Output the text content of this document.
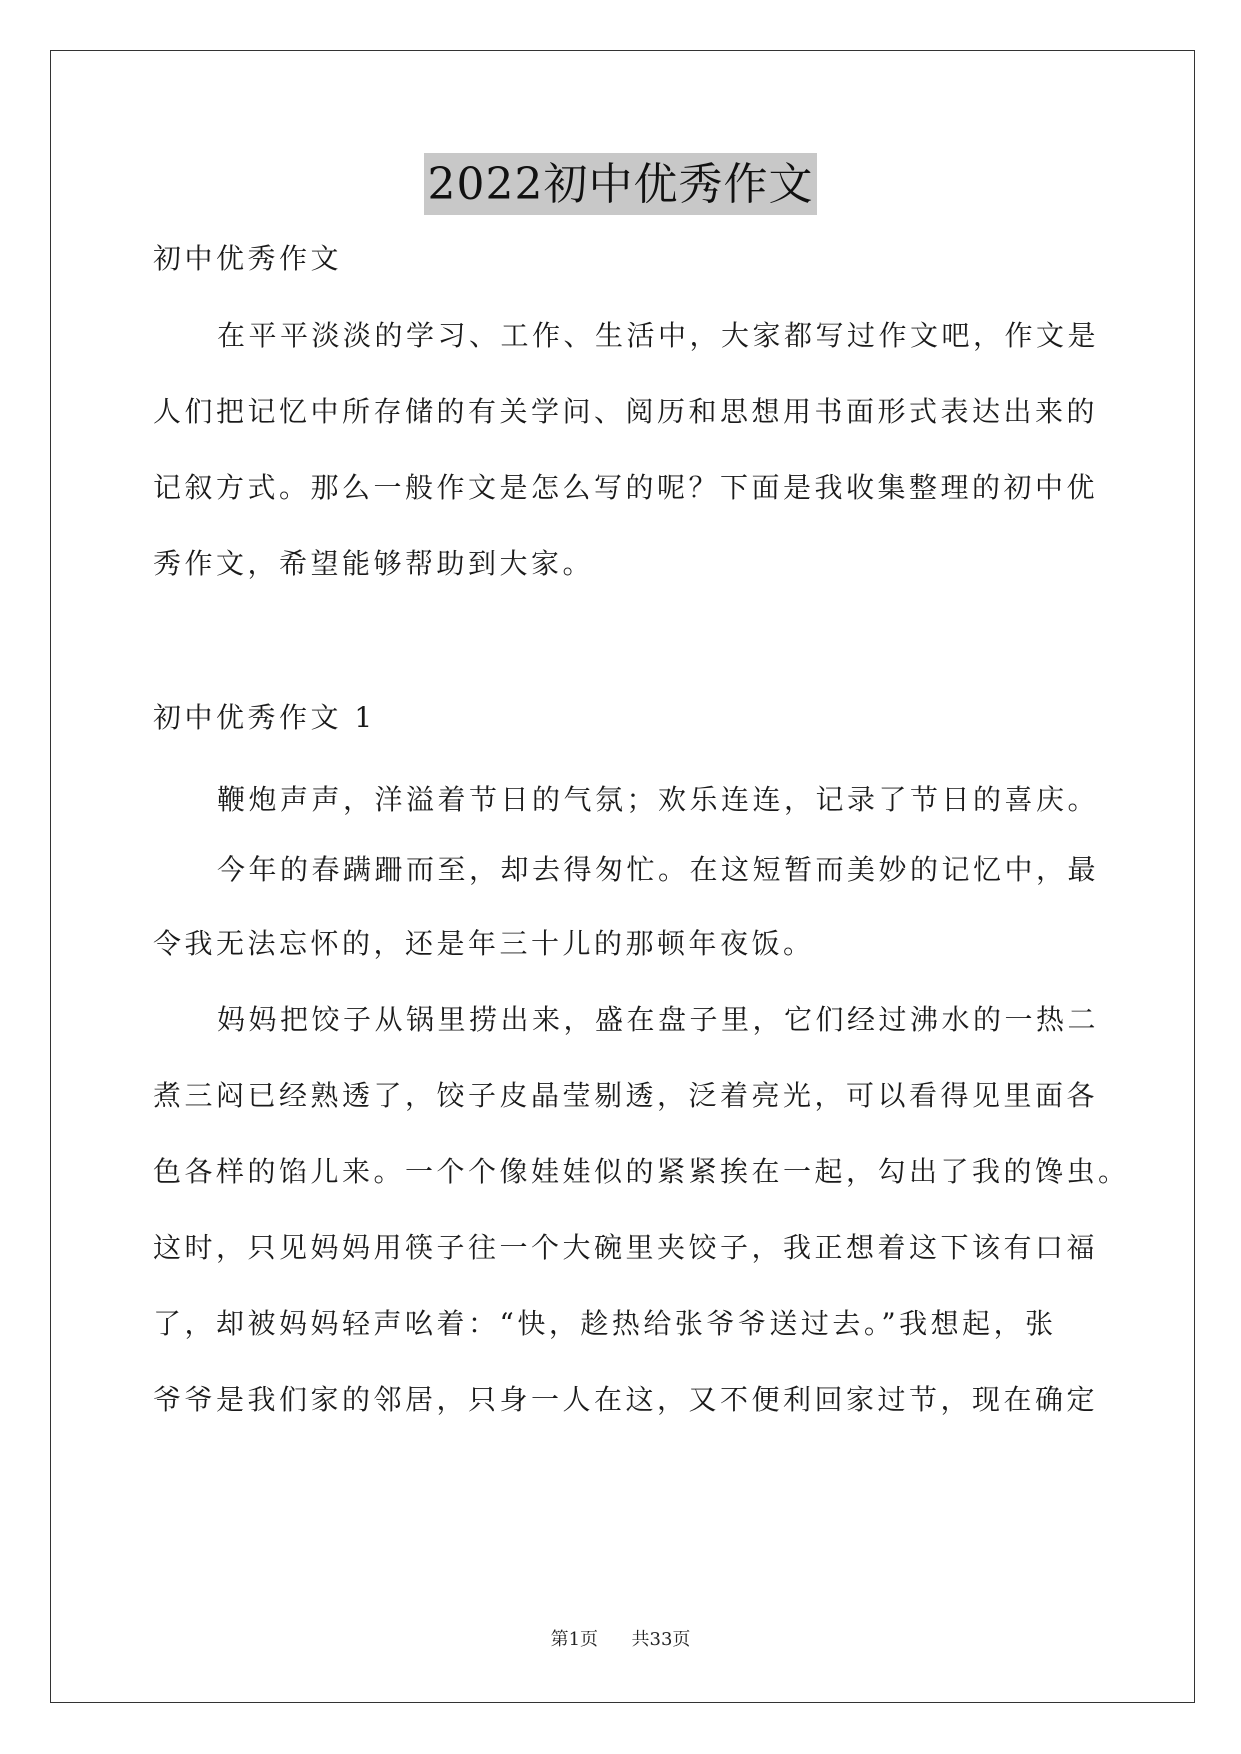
2022初中优秀作文
初中优秀作文
在平平淡淡的学习、工作、生活中，大家都写过作文吧，作文是
人们把记忆中所存储的有关学问、阅历和思想用书面形式表达出来的
记叙方式。那么一般作文是怎么写的呢？下面是我收集整理的初中优
秀作文，希望能够帮助到大家。
初中优秀作文 1
鞭炮声声，洋溢着节日的气氛；欢乐连连，记录了节日的喜庆。
今年的春蹒跚而至，却去得匆忙。在这短暂而美妙的记忆中，最
令我无法忘怀的，还是年三十儿的那顿年夜饭。
妈妈把饺子从锅里捞出来，盛在盘子里，它们经过沸水的一热二
煮三闷已经熟透了，饺子皮晶莹剔透，泛着亮光，可以看得见里面各
色各样的馅儿来。一个个像娃娃似的紧紧挨在一起，勾出了我的馋虫。
这时，只见妈妈用筷子往一个大碗里夹饺子，我正想着这下该有口福
了，却被妈妈轻声吆着：“快，趁热给张爷爷送过去。”我想起，张
爷爷是我们家的邻居，只身一人在这，又不便利回家过节，现在确定
第1页 共33页
